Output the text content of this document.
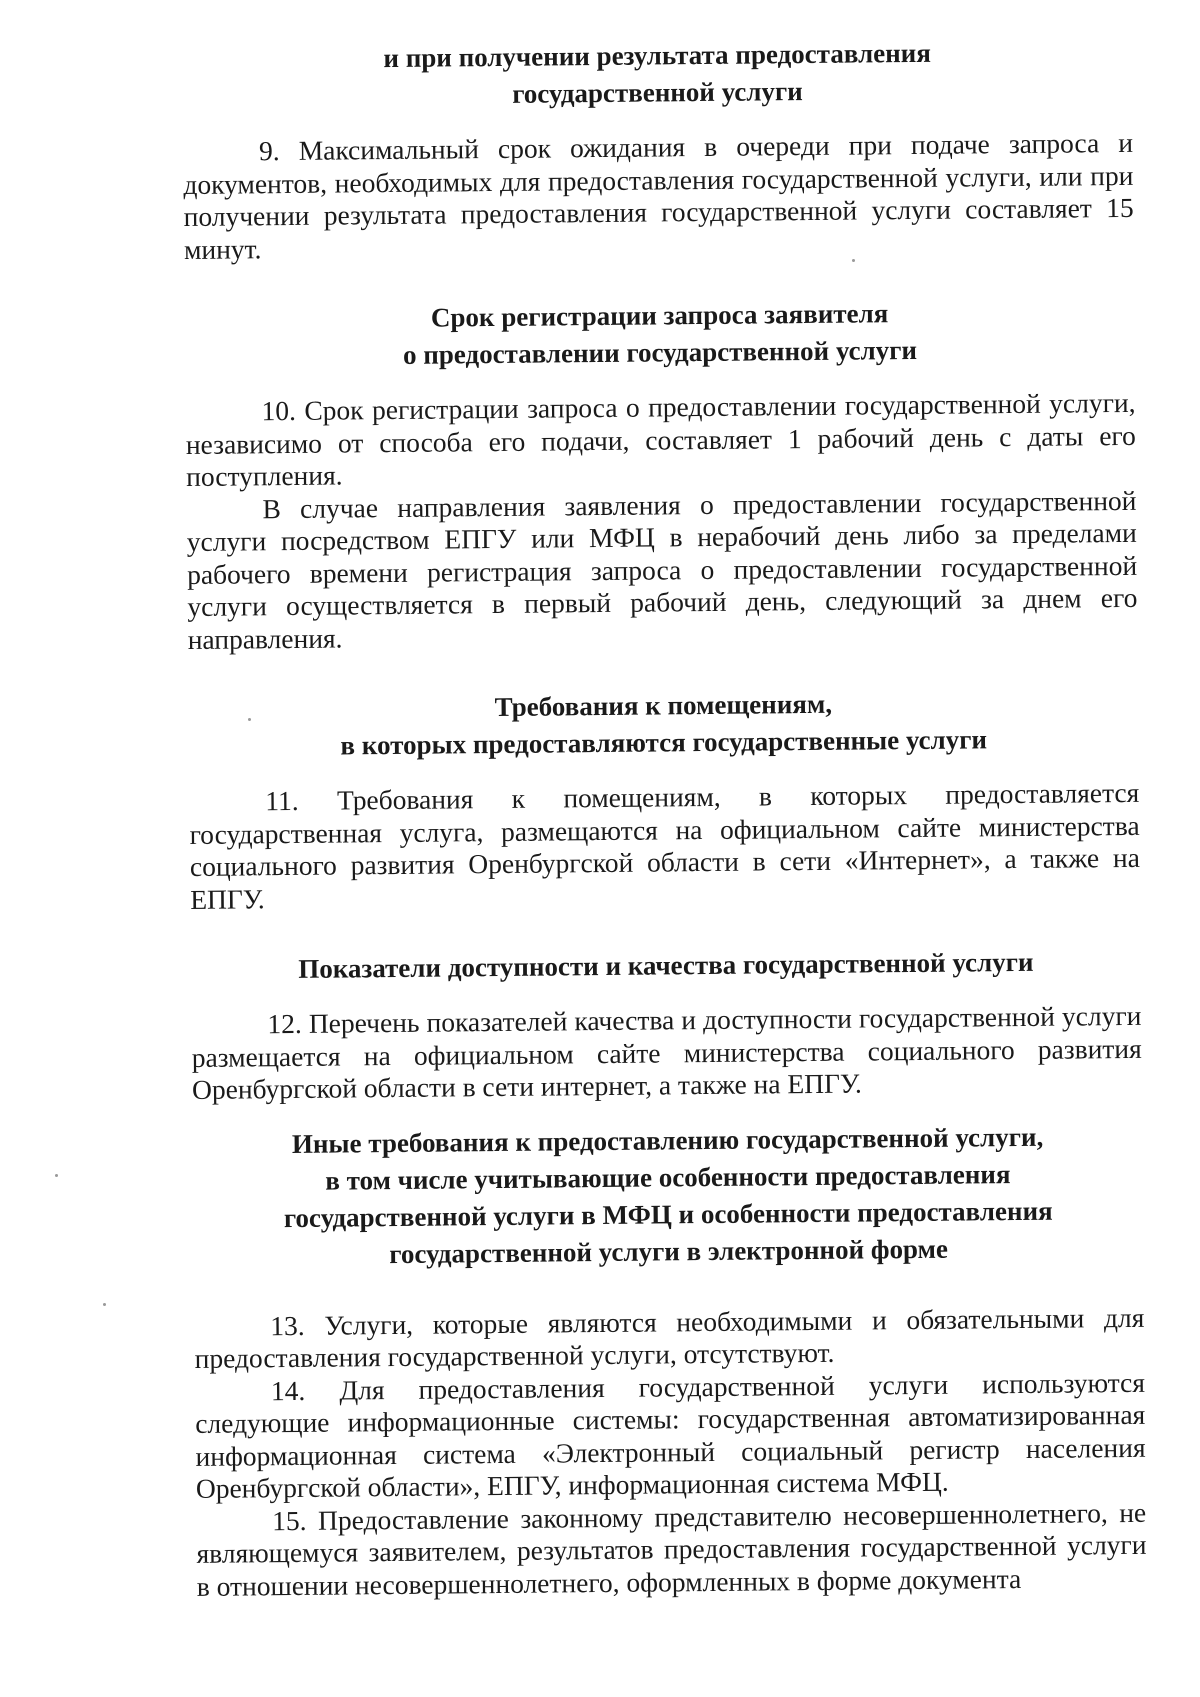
и при получении результата предоставления
государственной услуги

9. Максимальный срок ожидания в очереди при подаче запроса и документов, необходимых для предоставления государственной услуги, или при получении результата предоставления государственной услуги составляет 15 минут.

Срок регистрации запроса заявителя
о предоставлении государственной услуги

10. Срок регистрации запроса о предоставлении государственной услуги, независимо от способа его подачи, составляет 1 рабочий день с даты его поступления.

В случае направления заявления о предоставлении государственной услуги посредством ЕПГУ или МФЦ в нерабочий день либо за пределами рабочего времени регистрация запроса о предоставлении государственной услуги осуществляется в первый рабочий день, следующий за днем его направления.

Требования к помещениям,
в которых предоставляются государственные услуги

11. Требования к помещениям, в которых предоставляется государственная услуга, размещаются на официальном сайте министерства социального развития Оренбургской области в сети «Интернет», а также на ЕПГУ.

Показатели доступности и качества государственной услуги

12. Перечень показателей качества и доступности государственной услуги размещается на официальном сайте министерства социального развития Оренбургской области в сети интернет, а также на ЕПГУ.

Иные требования к предоставлению государственной услуги,
в том числе учитывающие особенности предоставления
государственной услуги в МФЦ и особенности предоставления
государственной услуги в электронной форме

13. Услуги, которые являются необходимыми и обязательными для предоставления государственной услуги, отсутствуют.

14. Для предоставления государственной услуги используются следующие информационные системы: государственная автоматизированная информационная система «Электронный социальный регистр населения Оренбургской области», ЕПГУ, информационная система МФЦ.

15. Предоставление законному представителю несовершеннолетнего, не являющемуся заявителем, результатов предоставления государственной услуги в отношении несовершеннолетнего, оформленных в форме документа
